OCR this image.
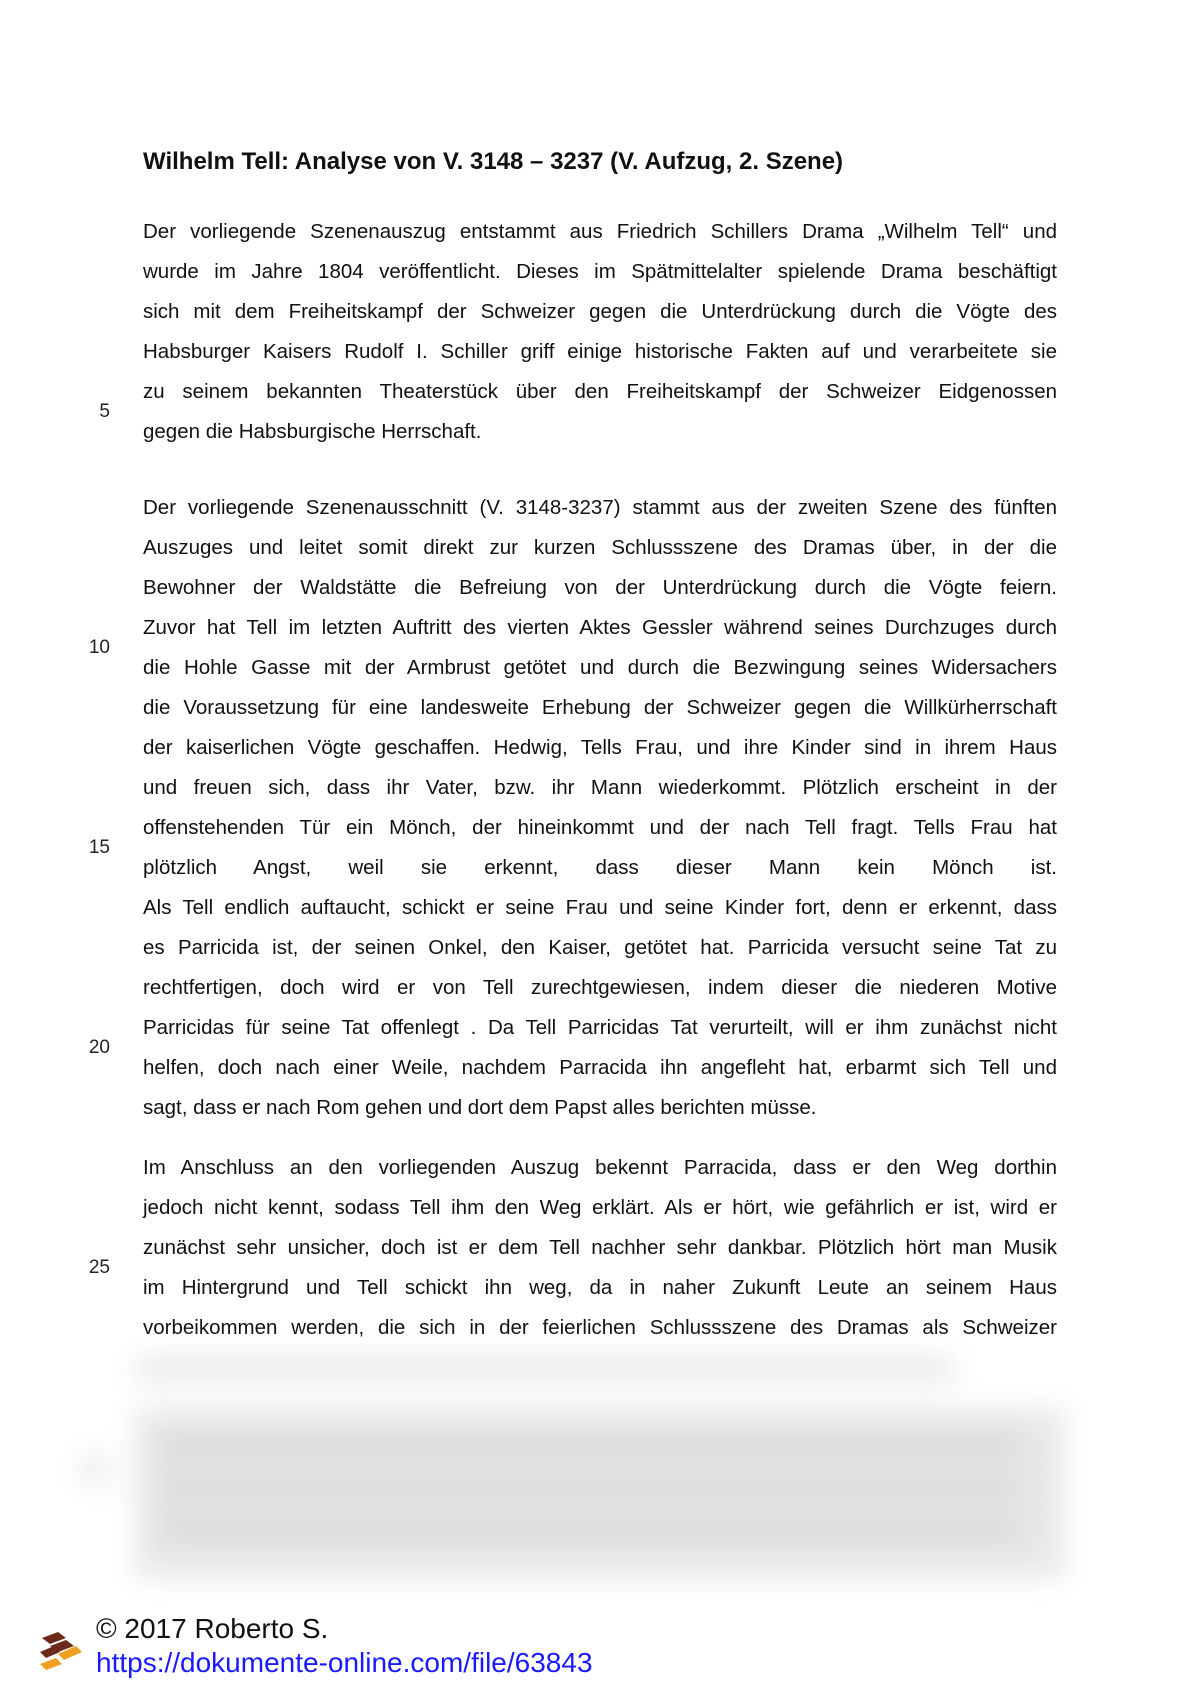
Wilhelm Tell: Analyse von V. 3148 – 3237 (V. Aufzug, 2. Szene)
Der vorliegende Szenenauszug entstammt aus Friedrich Schillers Drama „Wilhelm Tell“ und
wurde im Jahre 1804 veröffentlicht. Dieses im Spätmittelalter spielende Drama beschäftigt
sich mit dem Freiheitskampf der Schweizer gegen die Unterdrückung durch die Vögte des
Habsburger Kaisers Rudolf I. Schiller griff einige historische Fakten auf und verarbeitete sie
zu seinem bekannten Theaterstück über den Freiheitskampf der Schweizer Eidgenossen
gegen die Habsburgische Herrschaft.
Der vorliegende Szenenausschnitt (V. 3148-3237) stammt aus der zweiten Szene des fünften
Auszuges und leitet somit direkt zur kurzen Schlussszene des Dramas über, in der die
Bewohner der Waldstätte die Befreiung von der Unterdrückung durch die Vögte feiern.
Zuvor hat Tell im letzten Auftritt des vierten Aktes Gessler während seines Durchzuges durch
die Hohle Gasse mit der Armbrust getötet und durch die Bezwingung seines Widersachers
die Voraussetzung für eine landesweite Erhebung der Schweizer gegen die Willkürherrschaft
der kaiserlichen Vögte geschaffen. Hedwig, Tells Frau, und ihre Kinder sind in ihrem Haus
und freuen sich, dass ihr Vater, bzw. ihr Mann wiederkommt. Plötzlich erscheint in der
offenstehenden Tür ein Mönch, der hineinkommt und der nach Tell fragt. Tells Frau hat
plötzlich Angst, weil sie erkennt, dass dieser Mann kein Mönch ist.
Als Tell endlich auftaucht, schickt er seine Frau und seine Kinder fort, denn er erkennt, dass
es Parricida ist, der seinen Onkel, den Kaiser, getötet hat. Parricida versucht seine Tat zu
rechtfertigen, doch wird er von Tell zurechtgewiesen, indem dieser die niederen Motive
Parricidas für seine Tat offenlegt . Da Tell Parricidas Tat verurteilt, will er ihm zunächst nicht
helfen, doch nach einer Weile, nachdem Parracida ihn angefleht hat, erbarmt sich Tell und
sagt, dass er nach Rom gehen und dort dem Papst alles berichten müsse.
Im Anschluss an den vorliegenden Auszug bekennt Parracida, dass er den Weg dorthin
jedoch nicht kennt, sodass Tell ihm den Weg erklärt. Als er hört, wie gefährlich er ist, wird er
zunächst sehr unsicher, doch ist er dem Tell nachher sehr dankbar. Plötzlich hört man Musik
im Hintergrund und Tell schickt ihn weg, da in naher Zukunft Leute an seinem Haus
vorbeikommen werden, die sich in der feierlichen Schlussszene des Dramas als Schweizer
5
10
15
20
25
© 2017 Roberto S.
https://dokumente-online.com/file/63843
